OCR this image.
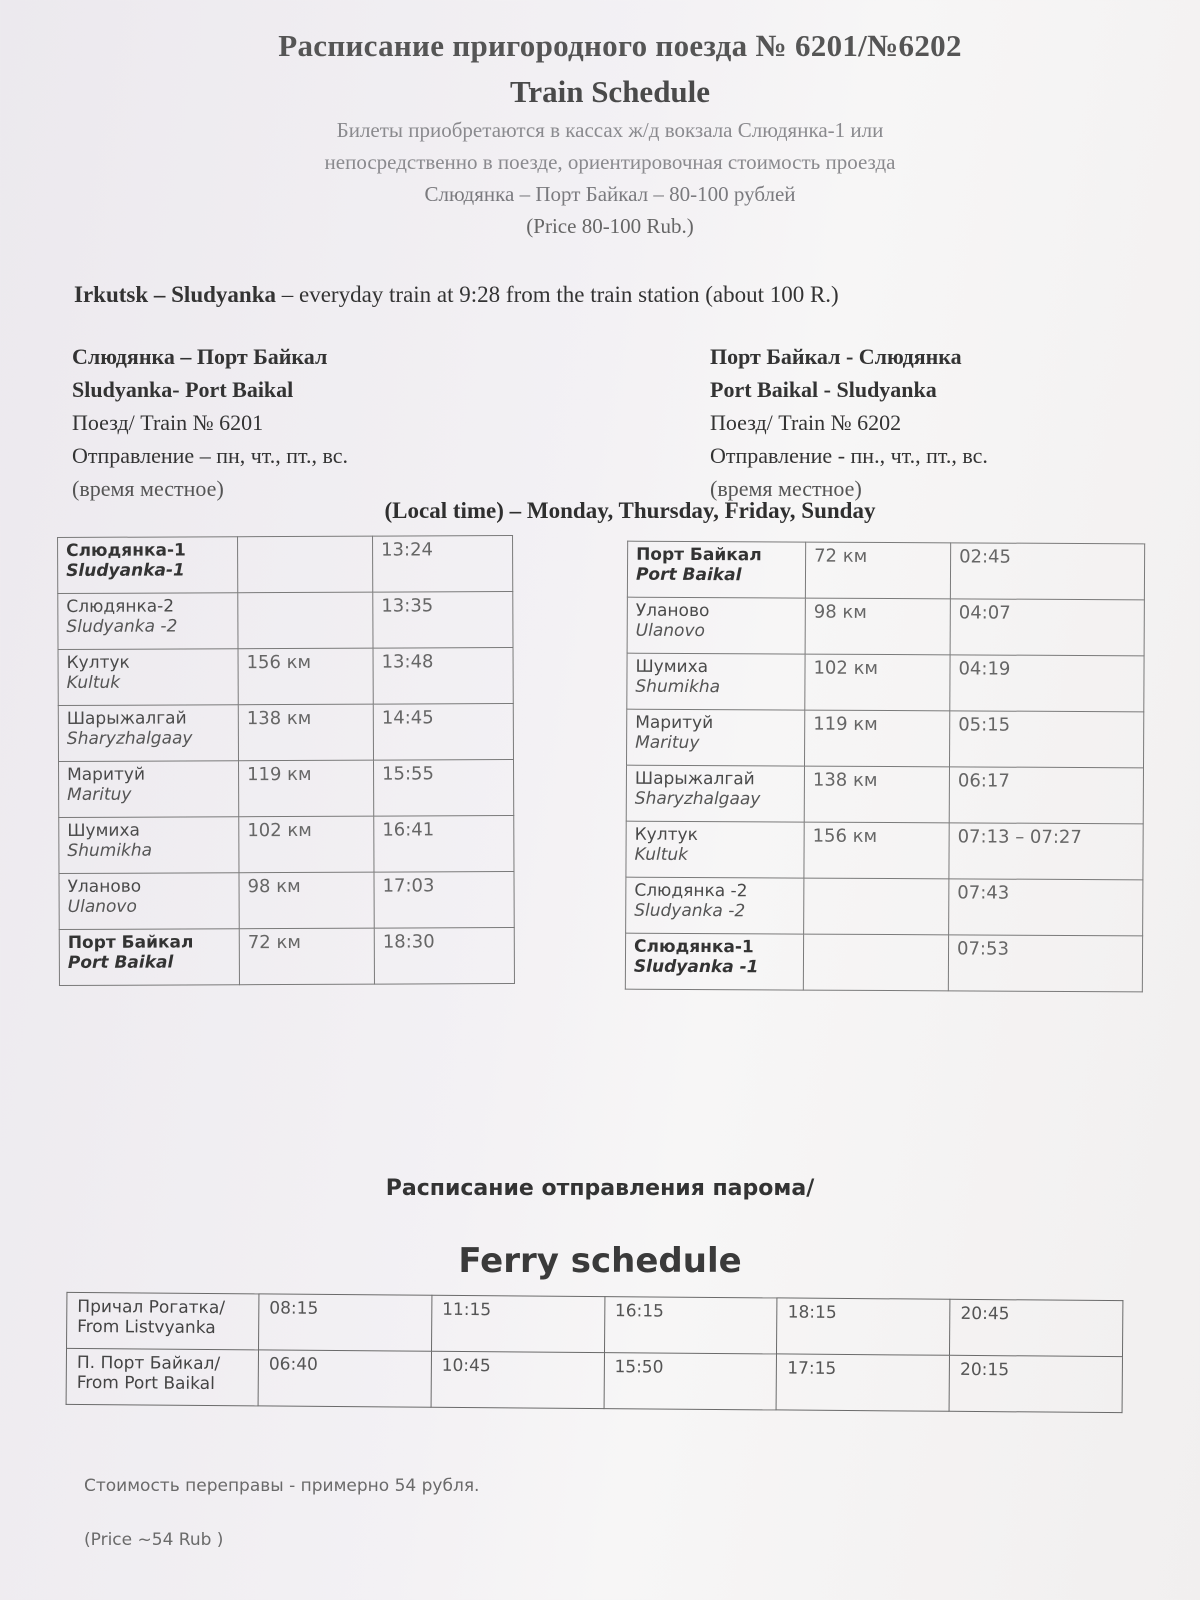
Расписание пригородного поезда № 6201/№6202
Train Schedule
Билеты приобретаются в кассах ж/д вокзала Слюдянка-1 или
непосредственно в поезде, ориентировочная стоимость проезда
Слюдянка – Порт Байкал – 80-100 рублей
(Price 80-100 Rub.)
Irkutsk – Sludyanka – everyday train at 9:28 from the train station (about 100 R.)
Слюдянка – Порт Байкал
Sludyanka- Port Baikal
Поезд/ Train № 6201
Отправление – пн, чт., пт., вс.
(время местное)
Порт Байкал - Слюдянка
Port Baikal - Sludyanka
Поезд/ Train № 6202
Отправление - пн., чт., пт., вс.
(время местное)
(Local time) – Monday, Thursday, Friday, Sunday
Слюдянка-1
Sludyanka-1		13:24

Слюдянка-2
Sludyanka -2		13:35

Култук
Kultuk	156 км	13:48

Шарыжалгай
Sharyzhalgaay	138 км	14:45

Маритуй
Marituy	119 км	15:55

Шумиха
Shumikha	102 км	16:41

Уланово
Ulanovo	98 км	17:03

Порт Байкал
Port Baikal	72 км	18:30
Порт Байкал
Port Baikal	72 км	02:45

Уланово
Ulanovo	98 км	04:07

Шумиха
Shumikha	102 км	04:19

Маритуй
Marituy	119 км	05:15

Шарыжалгай
Sharyzhalgaay	138 км	06:17

Култук
Kultuk	156 км	07:13 – 07:27

Слюдянка -2
Sludyanka -2		07:43

Слюдянка-1
Sludyanka -1		07:53
Расписание отправления парома/
Ferry schedule
Причал Рогатка/
From Listvyanka	08:15	11:15	16:15	18:15	20:45

П. Порт Байкал/
From Port Baikal	06:40	10:45	15:50	17:15	20:15
Стоимость переправы - примерно 54 рубля.
(Price ~54 Rub )
